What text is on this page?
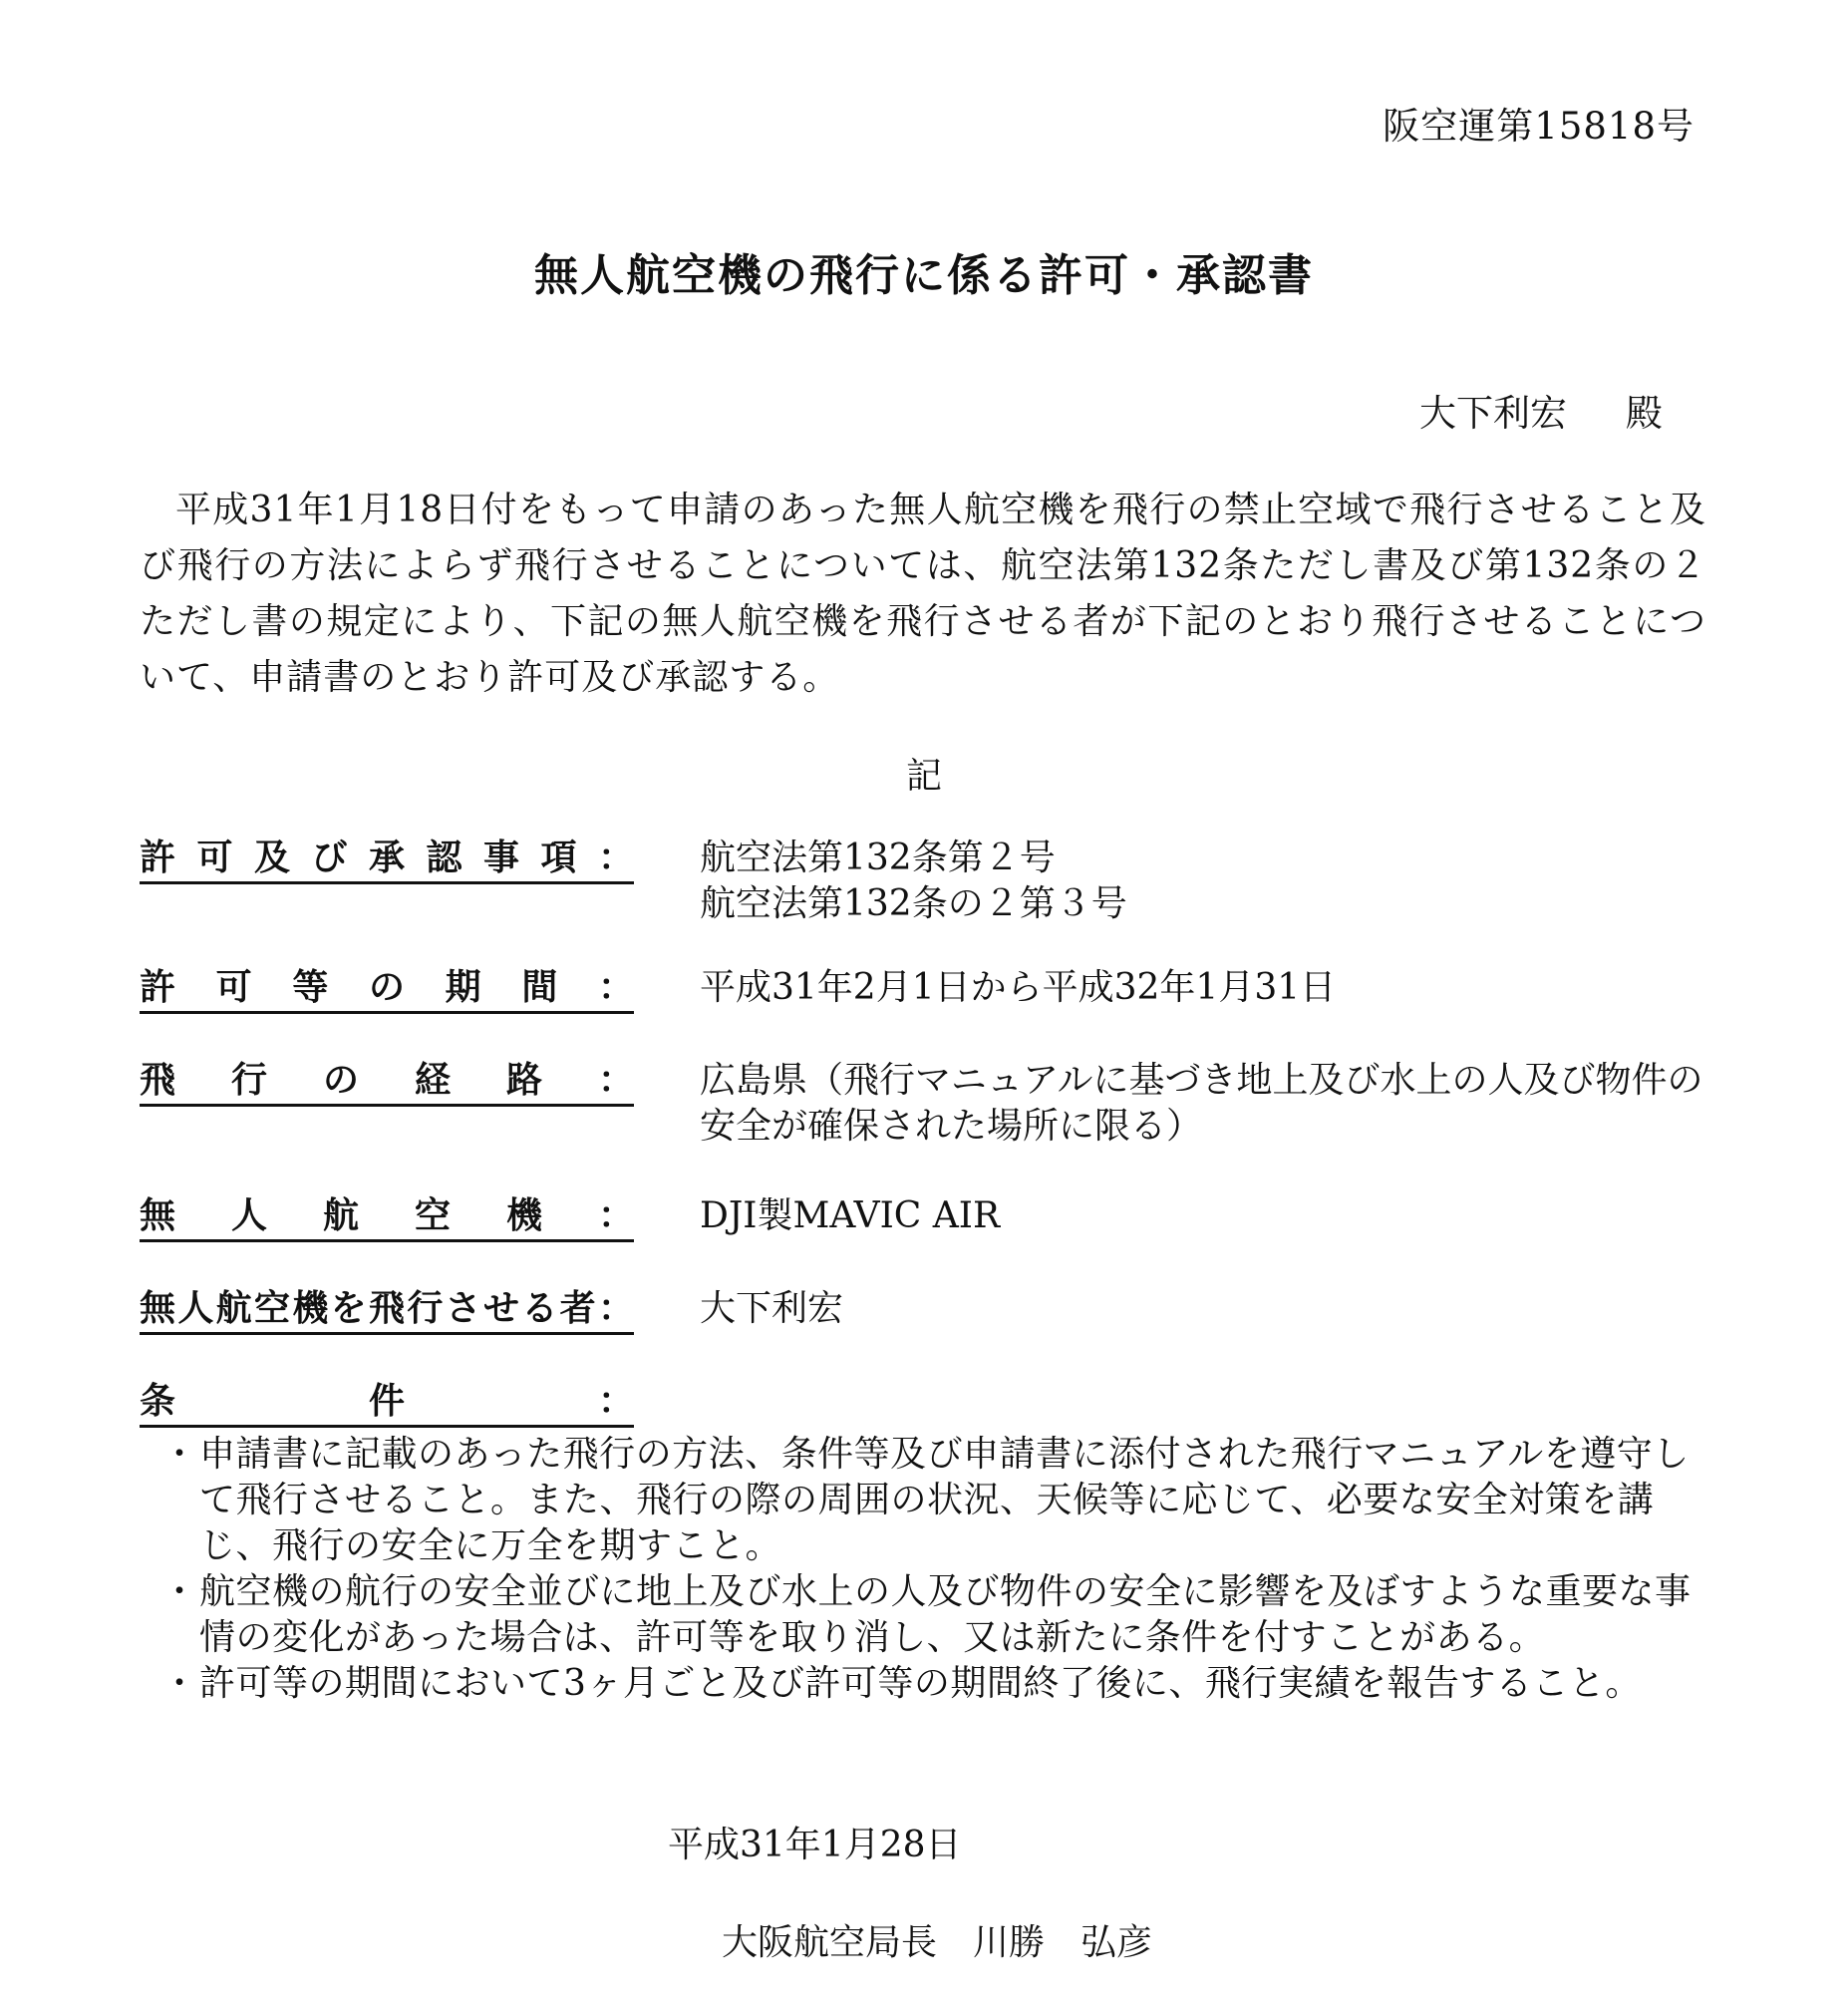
阪空運第15818号
無人航空機の飛行に係る許可・承認書
大下利宏 殿
平成31年1月18日付をもって申請のあった無人航空機を飛行の禁止空域で飛行させること及び飛行の方法によらず飛行させることについては、航空法第132条ただし書及び第132条の２ただし書の規定により、下記の無人航空機を飛行させる者が下記のとおり飛行させることについて、申請書のとおり許可及び承認する。
記
許可及び承認事項： 航空法第132条第２号
航空法第132条の２第３号
許可等の期間： 平成31年2月1日から平成32年1月31日
飛行の経路： 広島県（飛行マニュアルに基づき地上及び水上の人及び物件の安全が確保された場所に限る）
無人航空機： DJI製MAVIC AIR
無人航空機を飛行させる者： 大下利宏
条件：
・ 申請書に記載のあった飛行の方法、条件等及び申請書に添付された飛行マニュアルを遵守して飛行させること。また、飛行の際の周囲の状況、天候等に応じて、必要な安全対策を講じ、飛行の安全に万全を期すこと。
・ 航空機の航行の安全並びに地上及び水上の人及び物件の安全に影響を及ぼすような重要な事情の変化があった場合は、許可等を取り消し、又は新たに条件を付すことがある。
・ 許可等の期間において3ヶ月ごと及び許可等の期間終了後に、飛行実績を報告すること。
平成31年1月28日
大阪航空局長　 川勝　弘彦
